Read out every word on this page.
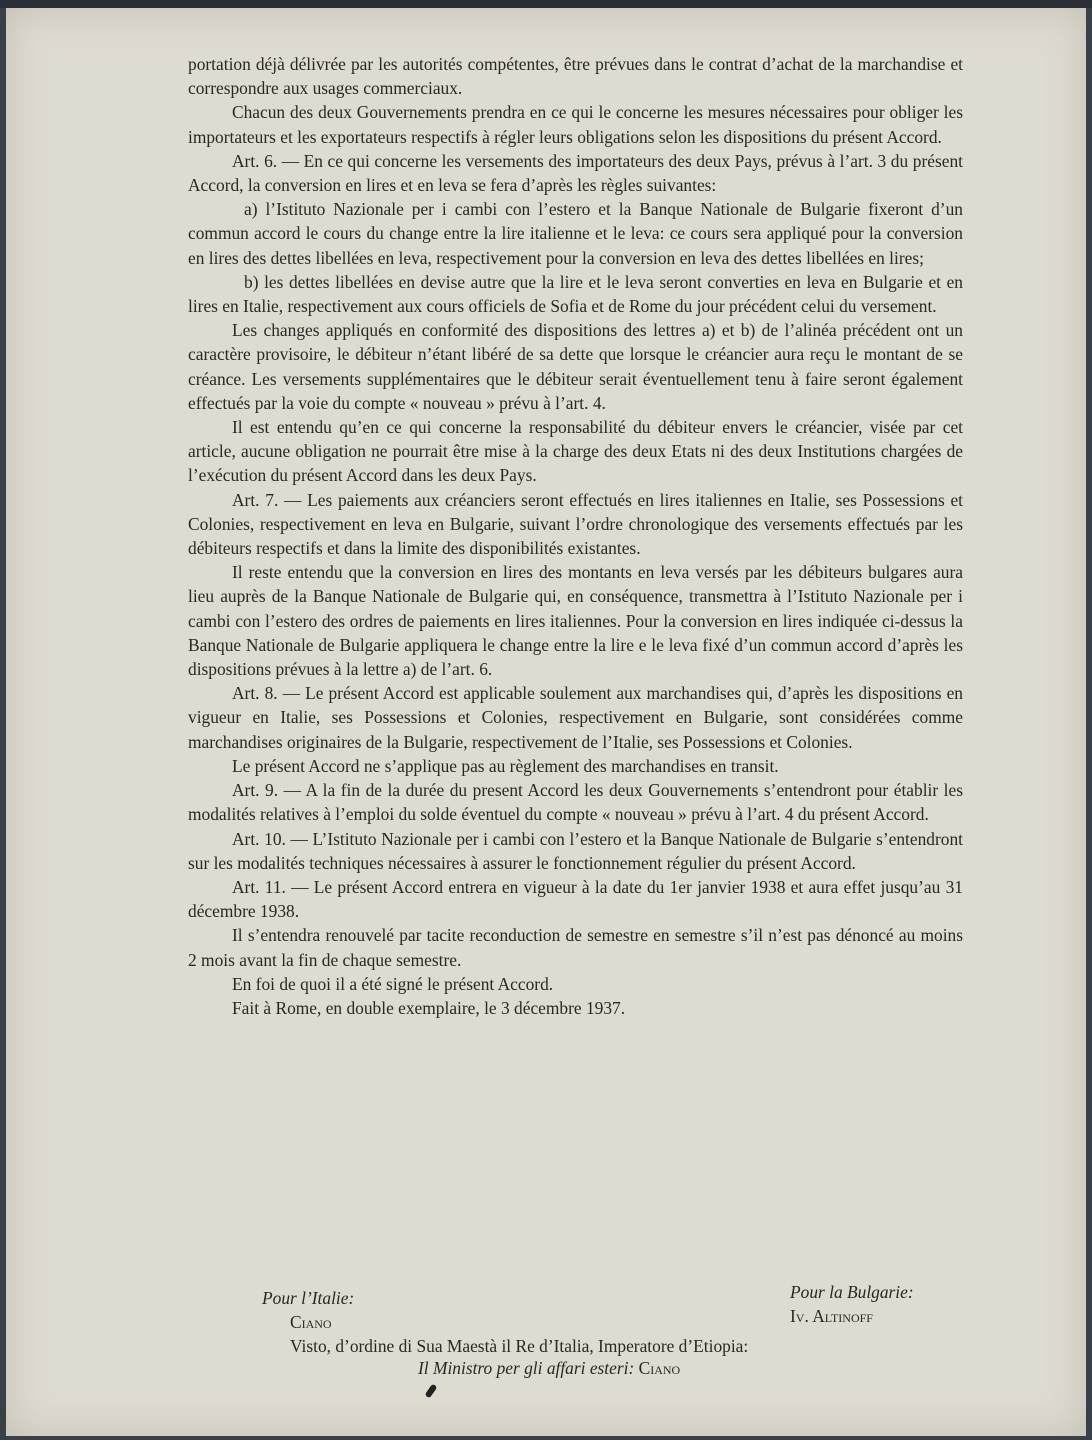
portation déjà délivrée par les autorités compétentes, être prévues dans le contrat d’achat de la marchandise et correspondre aux usages commerciaux.

Chacun des deux Gouvernements prendra en ce qui le concerne les mesures nécessaires pour obliger les importateurs et les exportateurs respectifs à régler leurs obligations selon les dispositions du présent Accord.

Art. 6. — En ce qui concerne les versements des importateurs des deux Pays, prévus à l’art. 3 du présent Accord, la conversion en lires et en leva se fera d’après les règles suivantes:

a) l’Istituto Nazionale per i cambi con l’estero et la Banque Nationale de Bulgarie fixeront d’un commun accord le cours du change entre la lire italienne et le leva: ce cours sera appliqué pour la conversion en lires des dettes libellées en leva, respectivement pour la conversion en leva des dettes libellées en lires;

b) les dettes libellées en devise autre que la lire et le leva seront converties en leva en Bulgarie et en lires en Italie, respectivement aux cours officiels de Sofia et de Rome du jour précédent celui du versement.

Les changes appliqués en conformité des dispositions des lettres a) et b) de l’alinéa précédent ont un caractère provisoire, le débiteur n’étant libéré de sa dette que lorsque le créancier aura reçu le montant de se créance. Les versements supplémentaires que le débiteur serait éventuellement tenu à faire seront également effectués par la voie du compte « nouveau » prévu à l’art. 4.

Il est entendu qu’en ce qui concerne la responsabilité du débiteur envers le créancier, visée par cet article, aucune obligation ne pourrait être mise à la charge des deux Etats ni des deux Institutions chargées de l’exécution du présent Accord dans les deux Pays.

Art. 7. — Les paiements aux créanciers seront effectués en lires italiennes en Italie, ses Possessions et Colonies, respectivement en leva en Bulgarie, suivant l’ordre chronologique des versements effectués par les débiteurs respectifs et dans la limite des disponibilités existantes.

Il reste entendu que la conversion en lires des montants en leva versés par les débiteurs bulgares aura lieu auprès de la Banque Nationale de Bulgarie qui, en conséquence, transmettra à l’Istituto Nazionale per i cambi con l’estero des ordres de paiements en lires italiennes. Pour la conversion en lires indiquée ci-dessus la Banque Nationale de Bulgarie appliquera le change entre la lire e le leva fixé d’un commun accord d’après les dispositions prévues à la lettre a) de l’art. 6.

Art. 8. — Le présent Accord est applicable soulement aux marchandises qui, d’après les dispositions en vigueur en Italie, ses Possessions et Colonies, respectivement en Bulgarie, sont considérées comme marchandises originaires de la Bulgarie, respectivement de l’Italie, ses Possessions et Colonies.

Le présent Accord ne s’applique pas au règlement des marchandises en transit.

Art. 9. — A la fin de la durée du present Accord les deux Gouvernements s’entendront pour établir les modalités relatives à l’emploi du solde éventuel du compte « nouveau » prévu à l’art. 4 du présent Accord.

Art. 10. — L’Istituto Nazionale per i cambi con l’estero et la Banque Nationale de Bulgarie s’entendront sur les modalités techniques nécessaires à assurer le fonctionnement régulier du présent Accord.

Art. 11. — Le présent Accord entrera en vigueur à la date du 1er janvier 1938 et aura effet jusqu’au 31 décembre 1938.

Il s’entendra renouvelé par tacite reconduction de semestre en semestre s’il n’est pas dénoncé au moins 2 mois avant la fin de chaque semestre.

En foi de quoi il a été signé le présent Accord.

Fait à Rome, en double exemplaire, le 3 décembre 1937.

Pour l’Italie:
Ciano
Pour la Bulgarie:
Iv. Altinoff
Visto, d’ordine di Sua Maestà il Re d’Italia, Imperatore d’Etiopia:
Il Ministro per gli affari esteri: Ciano
